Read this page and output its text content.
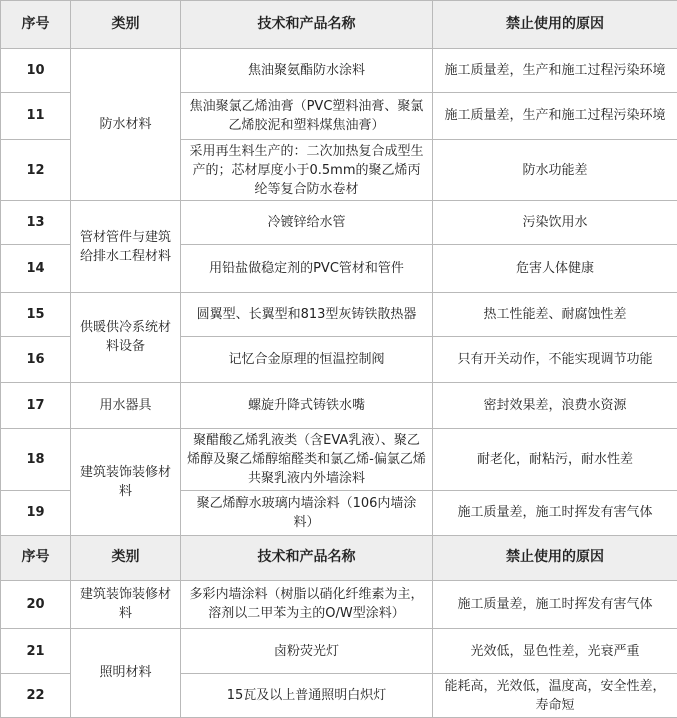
序号	类别	技术和产品名称	禁止使用的原因
10	防水材料	焦油聚氨酯防水涂料	施工质量差，生产和施工过程污染环境
11		焦油聚氯乙烯油膏（PVC塑料油膏、聚氯乙烯胶泥和塑料煤焦油膏）	施工质量差，生产和施工过程污染环境
12		采用再生料生产的：二次加热复合成型生产的；芯材厚度小于0.5mm的聚乙烯丙纶等复合防水卷材	防水功能差
13	管材管件与建筑给排水工程材料	冷镀锌给水管	污染饮用水
14		用铅盐做稳定剂的PVC管材和管件	危害人体健康
15	供暖供冷系统材料设备	圆翼型、长翼型和813型灰铸铁散热器	热工性能差、耐腐蚀性差
16		记忆合金原理的恒温控制阀	只有开关动作，不能实现调节功能
17	用水器具	螺旋升降式铸铁水嘴	密封效果差，浪费水资源
18	建筑装饰装修材料	聚醋酸乙烯乳液类（含EVA乳液）、聚乙烯醇及聚乙烯醇缩醛类和氯乙烯-偏氯乙烯共聚乳液内外墙涂料	耐老化，耐粘污，耐水性差
19		聚乙烯醇水玻璃内墙涂料（106内墙涂料）	施工质量差，施工时挥发有害气体
序号	类别	技术和产品名称	禁止使用的原因
20	建筑装饰装修材料	多彩内墙涂料（树脂以硝化纤维素为主，溶剂以二甲苯为主的O/W型涂料）	施工质量差，施工时挥发有害气体
21	照明材料	卤粉荧光灯	光效低，显色性差，光衰严重
22		15瓦及以上普通照明白炽灯	能耗高，光效低，温度高，安全性差，寿命短
